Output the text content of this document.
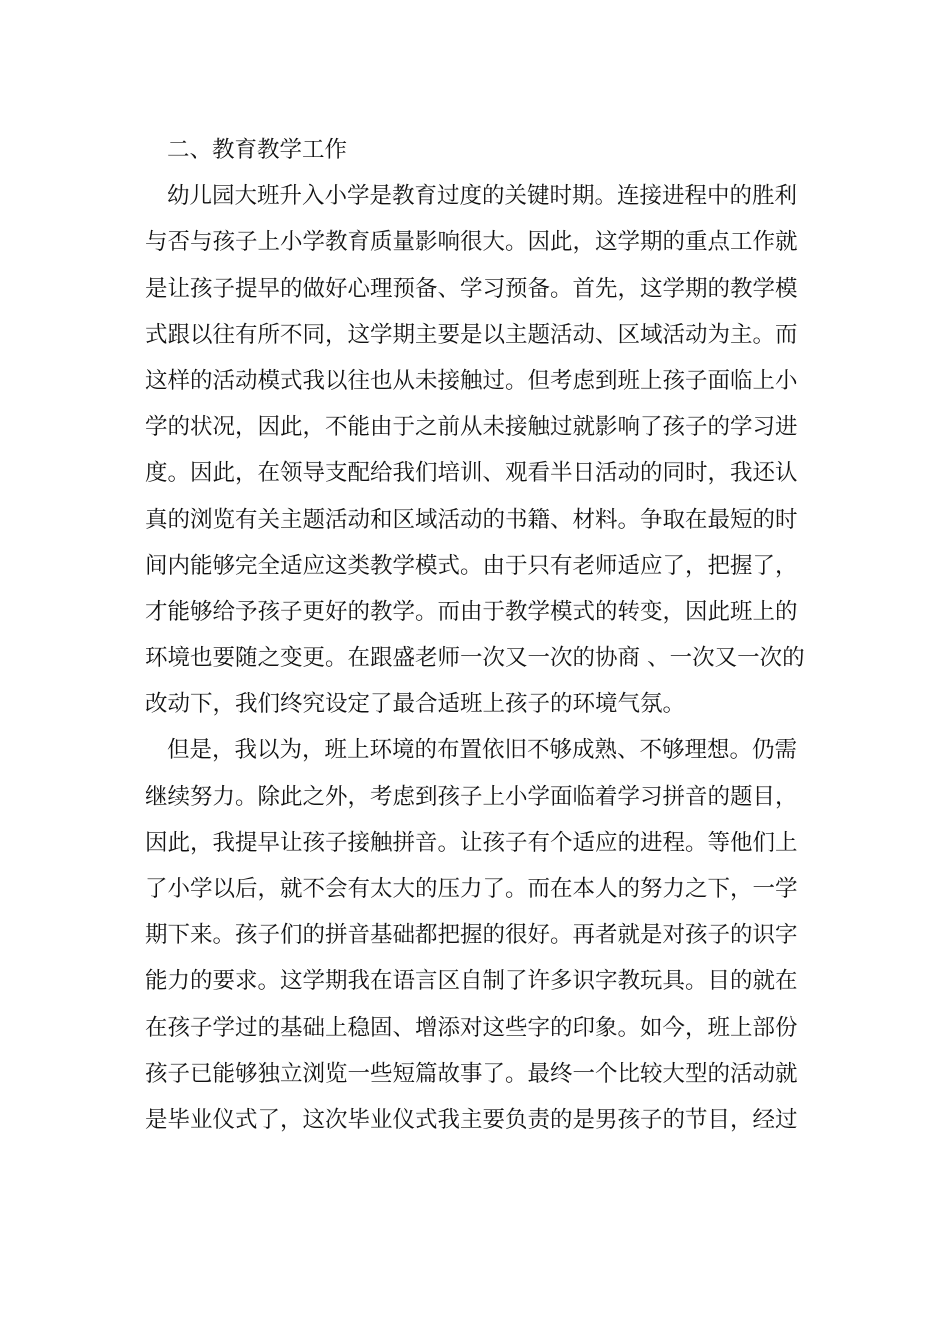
二、教育教学工作
幼儿园大班升入小学是教育过度的关键时期。连接进程中的胜利
与否与孩子上小学教育质量影响很大。因此，这学期的重点工作就
是让孩子提早的做好心理预备、学习预备。首先，这学期的教学模
式跟以往有所不同，这学期主要是以主题活动、区域活动为主。而
这样的活动模式我以往也从未接触过。但考虑到班上孩子面临上小
学的状况，因此，不能由于之前从未接触过就影响了孩子的学习进
度。因此，在领导支配给我们培训、观看半日活动的同时，我还认
真的浏览有关主题活动和区域活动的书籍、材料。争取在最短的时
间内能够完全适应这类教学模式。由于只有老师适应了，把握了，
才能够给予孩子更好的教学。而由于教学模式的转变，因此班上的
环境也要随之变更。在跟盛老师一次又一次的协商 、一次又一次的
改动下，我们终究设定了最合适班上孩子的环境气氛。
但是，我以为，班上环境的布置依旧不够成熟、不够理想。仍需
继续努力。除此之外，考虑到孩子上小学面临着学习拼音的题目，
因此，我提早让孩子接触拼音。让孩子有个适应的进程。等他们上
了小学以后，就不会有太大的压力了。而在本人的努力之下，一学
期下来。孩子们的拼音基础都把握的很好。再者就是对孩子的识字
能力的要求。这学期我在语言区自制了许多识字教玩具。目的就在
在孩子学过的基础上稳固、增添对这些字的印象。如今，班上部份
孩子已能够独立浏览一些短篇故事了。最终一个比较大型的活动就
是毕业仪式了，这次毕业仪式我主要负责的是男孩子的节目，经过
